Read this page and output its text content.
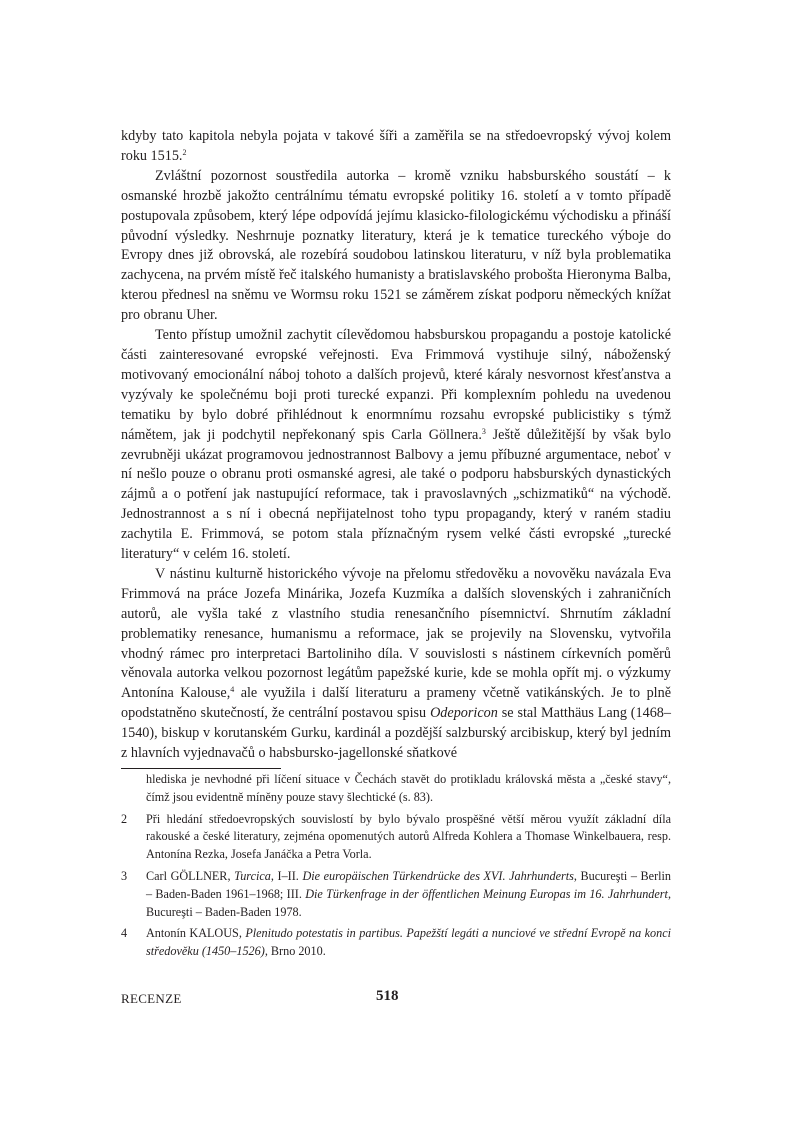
kdyby tato kapitola nebyla pojata v takové šíři a zaměřila se na středoevropský vývoj kolem roku 1515.$^2$

Zvláštní pozornost soustředila autorka – kromě vzniku habsburského soustátí – k osmanské hrozbě jakožto centrálnímu tématu evropské politiky 16. století a v tomto případě postupovala způsobem, který lépe odpovídá jejímu klasicko-filologickému východisku a přináší původní výsledky. Neshrnuje poznatky literatury, která je k tematice tureckého výboje do Evropy dnes již obrovská, ale rozebírá soudobou latinskou literaturu, v níž byla problematika zachycena, na prvém místě řeč italského humanisty a bratislavského probošta Hieronyma Balba, kterou přednesl na sněmu ve Wormsu roku 1521 se záměrem získat podporu německých knížat pro obranu Uher.

Tento přístup umožnil zachytit cílevědomou habsburskou propagandu a postoje katolické části zainteresované evropské veřejnosti. Eva Frimmová vystihuje silný, náboženský motivovaný emocionální náboj tohoto a dalších projevů, které káraly nesvornost křesťanstva a vyzývaly ke společnému boji proti turecké expanzi. Při komplexním pohledu na uvedenou tematiku by bylo dobré přihlédnout k enormnímu rozsahu evropské publicistiky s týmž námětem, jak ji podchytil nepřekonaný spis Carla Göllnera.$^3$ Ještě důležitější by však bylo zevrubněji ukázat programovou jednostrannost Balbovy a jemu příbuzné argumentace, neboť v ní nešlo pouze o obranu proti osmanské agresi, ale také o podporu habsburských dynastických zájmů a o potření jak nastupující reformace, tak i pravoslavných „schizmatiků“ na východě. Jednostrannost a s ní i obecná nepřijatelnost toho typu propagandy, který v raném stadiu zachytila E. Frimmová, se potom stala příznačným rysem velké části evropské „turecké literatury“ v celém 16. století.

V nástinu kulturně historického vývoje na přelomu středověku a novověku navázala Eva Frimmová na práce Jozefa Minárika, Jozefa Kuzmíka a dalších slovenských i zahraničních autorů, ale vyšla také z vlastního studia renesančního písemnictví. Shrnutím základní problematiky renesance, humanismu a reformace, jak se projevily na Slovensku, vytvořila vhodný rámec pro interpretaci Bartoliniho díla. V souvislosti s nástinem církevních poměrů věnovala autorka velkou pozornost legátům papežské kurie, kde se mohla opřít mj. o výzkumy Antonína Kalouse,$^4$ ale využila i další literaturu a prameny včetně vatikánských. Je to plně opodstatněno skutečností, že centrální postavou spisu Odeporicon se stal Matthäus Lang (1468–1540), biskup v korutanském Gurku, kardinál a pozdější salzburský arcibiskup, který byl jedním z hlavních vyjednavačů o habsbursko-jagellonské sňatkové

hlediska je nevhodné při líčení situace v Čechách stavět do protikladu královská města a „české stavy“, čímž jsou evidentně míněny pouze stavy šlechtické (s. 83).
2	Při hledání středoevropských souvislostí by bylo bývalo prospěšné větší měrou využít základní díla rakouské a české literatury, zejména opomenutých autorů Alfreda Kohlera a Thomase Winkelbauera, resp. Antonína Rezka, Josefa Janáčka a Petra Vorla.
3	Carl GÖLLNER, Turcica, I–II. Die europäischen Türkendrücke des XVI. Jahrhunderts, Bucureşti – Berlin – Baden-Baden 1961–1968; III. Die Türkenfrage in der öffentlichen Meinung Europas im 16. Jahrhundert, Bucureşti – Baden-Baden 1978.
4	Antonín KALOUS, Plenitudo potestatis in partibus. Papežští legáti a nunciové ve střední Evropě na konci středověku (1450–1526), Brno 2010.
RECENZE	518
